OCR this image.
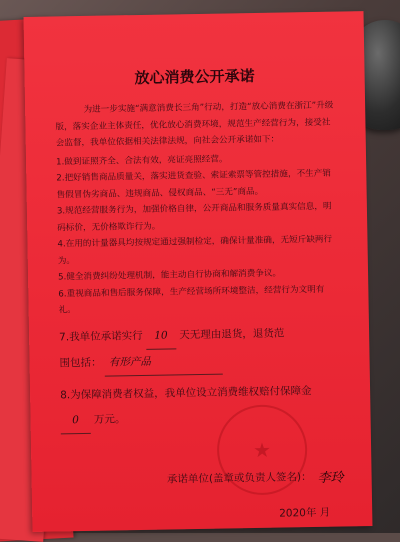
放心消费公开承诺

为进一步实施“满意消费长三角”行动，打造“放心消费在浙江”升级版，落实企业主体责任，优化放心消费环境，规范生产经营行为，接受社会监督，我单位依据相关法律法规，向社会公开承诺如下：

1.做到证照齐全、合法有效，亮证亮照经营。

2.把好销售商品质量关，落实进货查验、索证索票等管控措施，不生产销售假冒伪劣商品、违规商品、侵权商品、“三无”商品。

3.规范经营服务行为，加强价格自律，公开商品和服务质量真实信息，明码标价，无价格欺诈行为。

4.在用的计量器具均按规定通过强制检定，确保计量准确，无短斤缺两行为。

5.健全消费纠纷处理机制，能主动自行协商和解消费争议。

6.重视商品和售后服务保障，生产经营场所环境整洁，经营行为文明有礼。

7.我单位承诺实行 10 天无理由退货，退货范
围包括： 有形产品
8.为保障消费者权益，我单位设立消费维权赔付保障金 0 万元。
★
承诺单位(盖章或负责人签名)： 李玲
2020年 月
